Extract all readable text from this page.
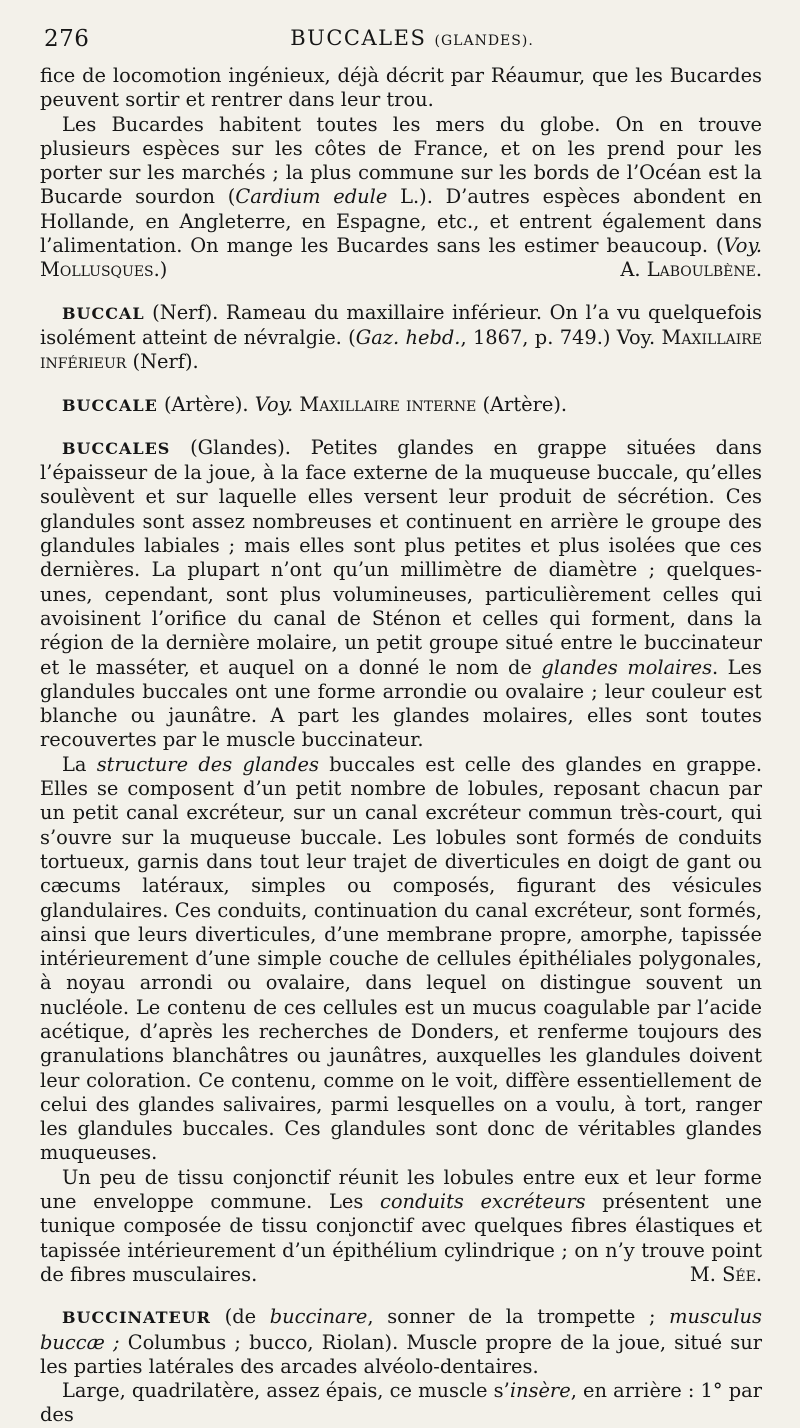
276	BUCCALES (GLANDES).

fice de locomotion ingénieux, déjà décrit par Réaumur, que les Bucardes peuvent sortir et rentrer dans leur trou.

Les Bucardes habitent toutes les mers du globe. On en trouve plusieurs espèces sur les côtes de France, et on les prend pour les porter sur les marchés ; la plus commune sur les bords de l’Océan est la Bucarde sourdon (Cardium edule L.). D’autres espèces abondent en Hollande, en Angleterre, en Espagne, etc., et entrent également dans l’alimentation. On mange les Bucardes sans les estimer beaucoup. (Voy. Mollusques.)	A. Laboulbène.

BUCCAL (Nerf). Rameau du maxillaire inférieur. On l’a vu quelquefois isolément atteint de névralgie. (Gaz. hebd., 1867, p. 749.) Voy. Maxillaire inférieur (Nerf).

BUCCALE (Artère). Voy. Maxillaire interne (Artère).

BUCCALES (Glandes). Petites glandes en grappe situées dans l’épaisseur de la joue, à la face externe de la muqueuse buccale, qu’elles soulèvent et sur laquelle elles versent leur produit de sécrétion. Ces glandules sont assez nombreuses et continuent en arrière le groupe des glandules labiales ; mais elles sont plus petites et plus isolées que ces dernières. La plupart n’ont qu’un millimètre de diamètre ; quelques-unes, cependant, sont plus volumineuses, particulièrement celles qui avoisinent l’orifice du canal de Sténon et celles qui forment, dans la région de la dernière molaire, un petit groupe situé entre le buccinateur et le masséter, et auquel on a donné le nom de glandes molaires. Les glandules buccales ont une forme arrondie ou ovalaire ; leur couleur est blanche ou jaunâtre. A part les glandes molaires, elles sont toutes recouvertes par le muscle buccinateur.

La structure des glandes buccales est celle des glandes en grappe. Elles se composent d’un petit nombre de lobules, reposant chacun par un petit canal excréteur, sur un canal excréteur commun très-court, qui s’ouvre sur la muqueuse buccale. Les lobules sont formés de conduits tortueux, garnis dans tout leur trajet de diverticules en doigt de gant ou cæcums latéraux, simples ou composés, figurant des vésicules glandulaires. Ces conduits, continuation du canal excréteur, sont formés, ainsi que leurs diverticules, d’une membrane propre, amorphe, tapissée intérieurement d’une simple couche de cellules épithéliales polygonales, à noyau arrondi ou ovalaire, dans lequel on distingue souvent un nucléole. Le contenu de ces cellules est un mucus coagulable par l’acide acétique, d’après les recherches de Donders, et renferme toujours des granulations blanchâtres ou jaunâtres, auxquelles les glandules doivent leur coloration. Ce contenu, comme on le voit, diffère essentiellement de celui des glandes salivaires, parmi lesquelles on a voulu, à tort, ranger les glandules buccales. Ces glandules sont donc de véritables glandes muqueuses.

Un peu de tissu conjonctif réunit les lobules entre eux et leur forme une enveloppe commune. Les conduits excréteurs présentent une tunique composée de tissu conjonctif avec quelques fibres élastiques et tapissée intérieurement d’un épithélium cylindrique ; on n’y trouve point de fibres musculaires.	M. Sée.

BUCCINATEUR (de buccinare, sonner de la trompette ; musculus buccæ ; Columbus ; bucco, Riolan). Muscle propre de la joue, situé sur les parties latérales des arcades alvéolo-dentaires.

Large, quadrilatère, assez épais, ce muscle s’insère, en arrière : 1° par des
